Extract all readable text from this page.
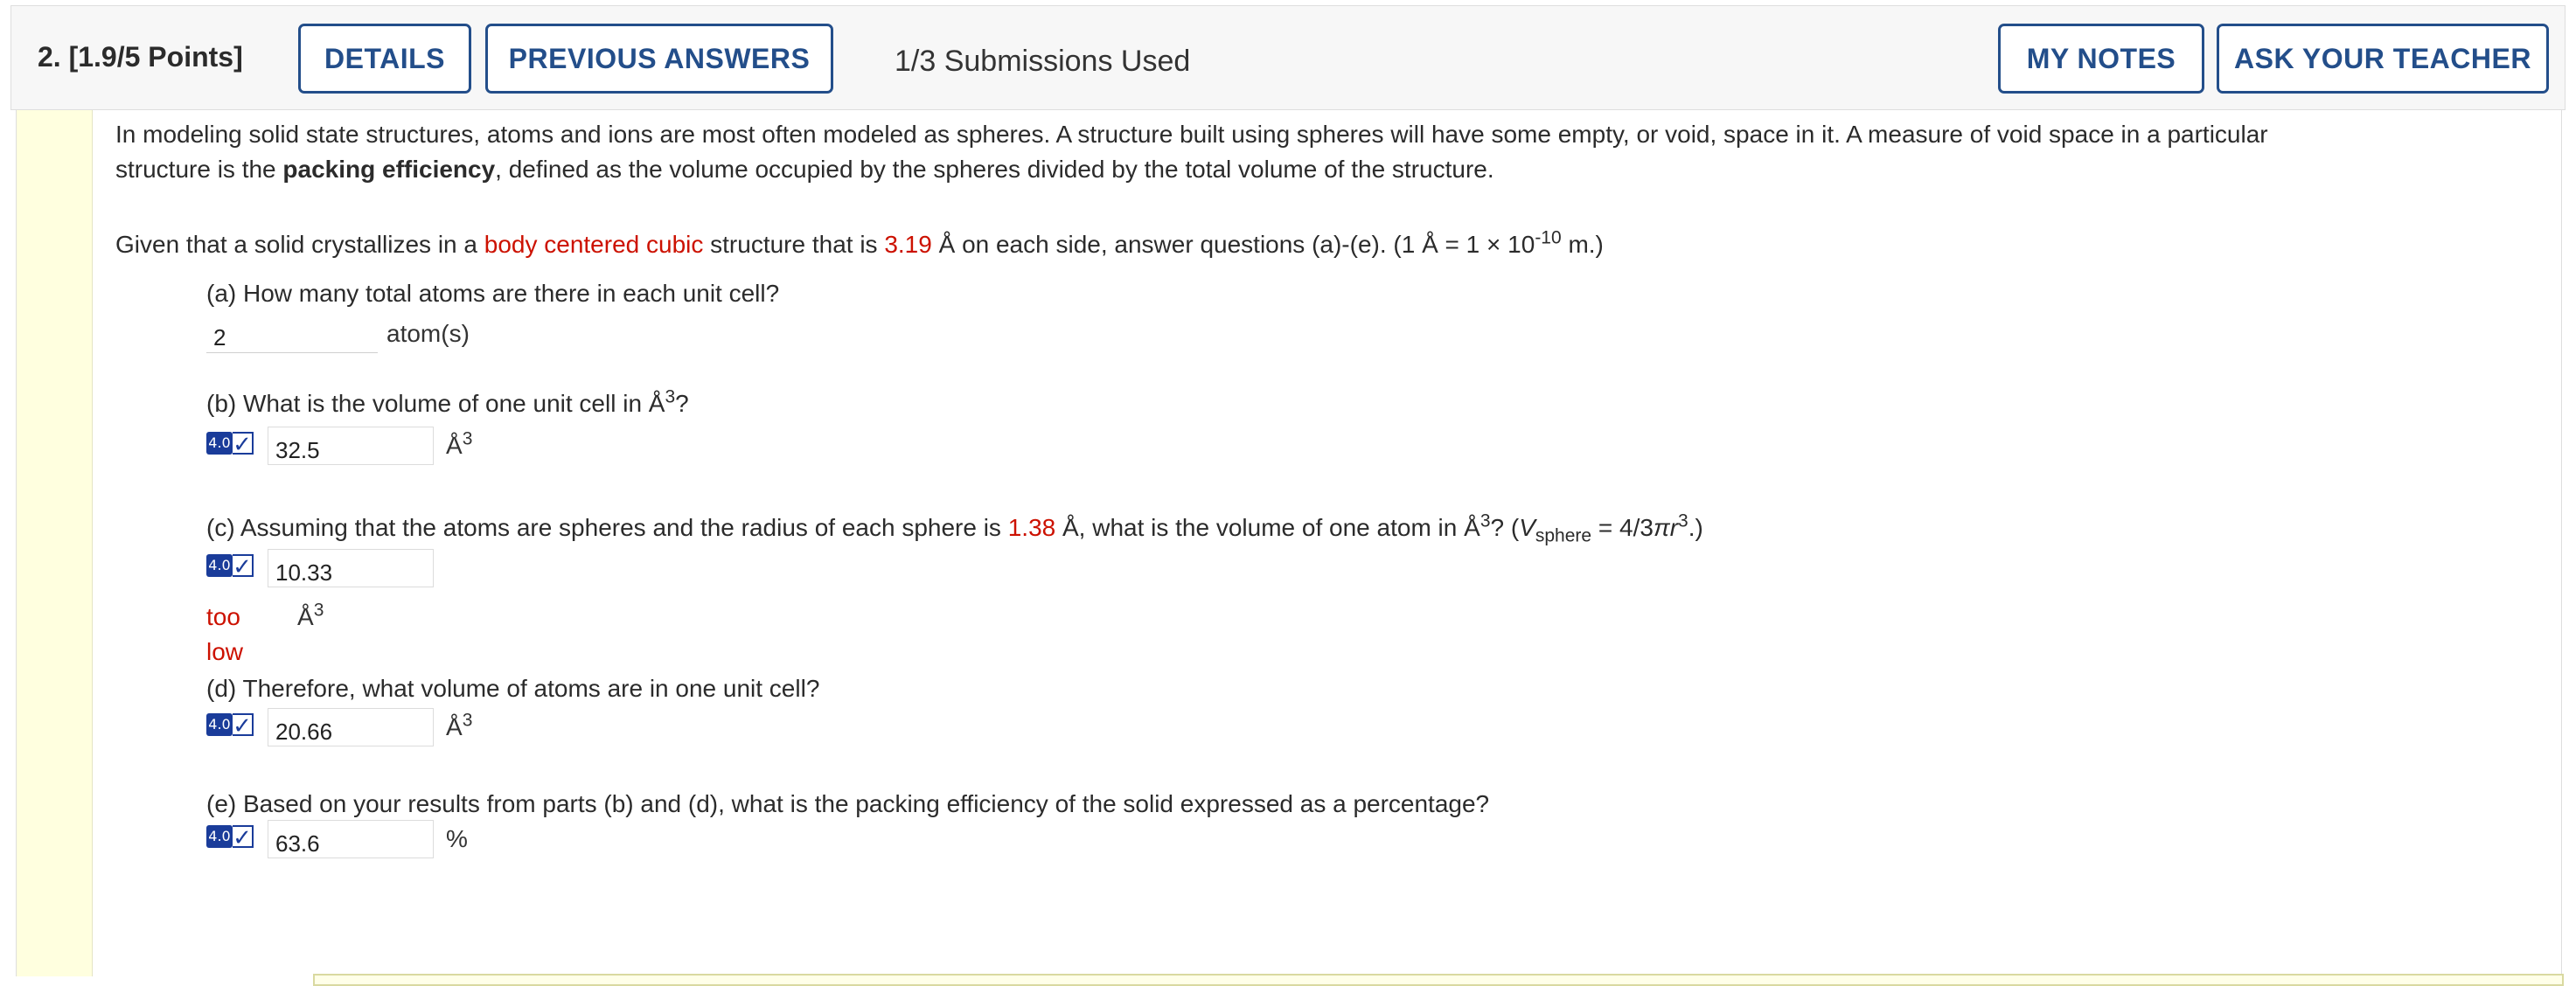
2. [1.9/5 Points]	DETAILS	PREVIOUS ANSWERS	1/3 Submissions Used	MY NOTES	ASK YOUR TEACHER
In modeling solid state structures, atoms and ions are most often modeled as spheres. A structure built using spheres will have some empty, or void, space in it. A measure of void space in a particular
structure is the packing efficiency, defined as the volume occupied by the spheres divided by the total volume of the structure.
Given that a solid crystallizes in a body centered cubic structure that is 3.19 Å on each side, answer questions (a)-(e). (1 Å = $1 \times 10^{-10}$ m.)
(a) How many total atoms are there in each unit cell?
2	atom(s)
(b) What is the volume of one unit cell in $Å^3$?
4.0 ✓	32.5	$Å^3$
(c) Assuming that the atoms are spheres and the radius of each sphere is 1.38 Å, what is the volume of one atom in $Å^3$? $(V_{sphere} = 4/3\pi r^3.)$
4.0 ✓	10.33
too low
$Å^3$
(d) Therefore, what volume of atoms are in one unit cell?
4.0 ✓	20.66	$Å^3$
(e) Based on your results from parts (b) and (d), what is the packing efficiency of the solid expressed as a percentage?
4.0 ✓	63.6	%
